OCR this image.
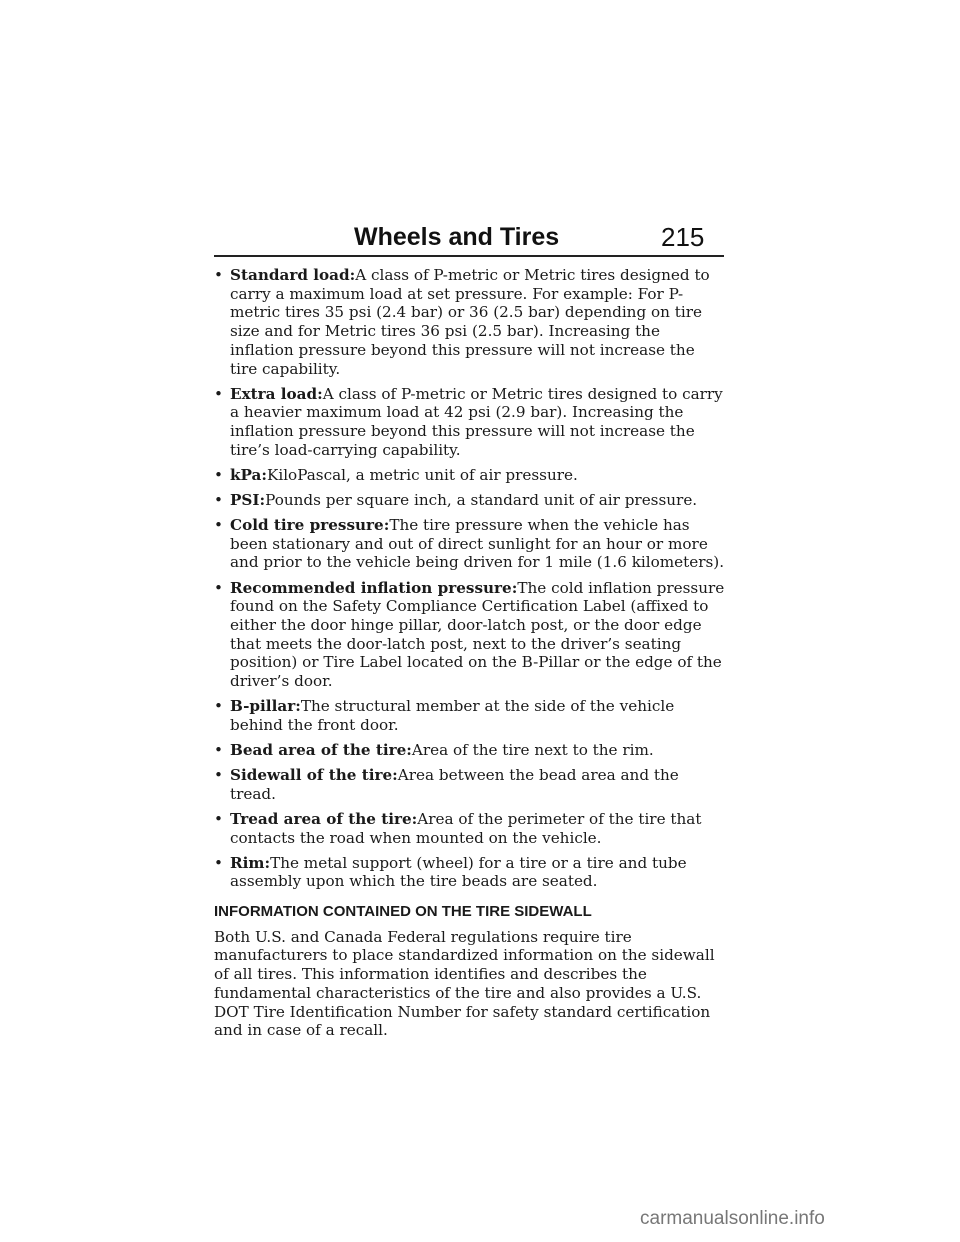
Wheels and Tires	215
• Standard load:A class of P-metric or Metric tires designed to carry a maximum load at set pressure. For example: For P-metric tires 35 psi (2.4 bar) or 36 (2.5 bar) depending on tire size and for Metric tires 36 psi (2.5 bar). Increasing the inflation pressure beyond this pressure will not increase the tire capability.
• Extra load:A class of P-metric or Metric tires designed to carry a heavier maximum load at 42 psi (2.9 bar). Increasing the inflation pressure beyond this pressure will not increase the tire’s load-carrying capability.
• kPa:KiloPascal, a metric unit of air pressure.
• PSI:Pounds per square inch, a standard unit of air pressure.
• Cold tire pressure:The tire pressure when the vehicle has been stationary and out of direct sunlight for an hour or more and prior to the vehicle being driven for 1 mile (1.6 kilometers).
• Recommended inflation pressure:The cold inflation pressure found on the Safety Compliance Certification Label (affixed to either the door hinge pillar, door-latch post, or the door edge that meets the door-latch post, next to the driver’s seating position) or Tire Label located on the B-Pillar or the edge of the driver’s door.
• B-pillar:The structural member at the side of the vehicle behind the front door.
• Bead area of the tire:Area of the tire next to the rim.
• Sidewall of the tire:Area between the bead area and the tread.
• Tread area of the tire:Area of the perimeter of the tire that contacts the road when mounted on the vehicle.
• Rim:The metal support (wheel) for a tire or a tire and tube assembly upon which the tire beads are seated.
INFORMATION CONTAINED ON THE TIRE SIDEWALL

Both U.S. and Canada Federal regulations require tire manufacturers to place standardized information on the sidewall of all tires. This information identifies and describes the fundamental characteristics of the tire and also provides a U.S. DOT Tire Identification Number for safety standard certification and in case of a recall.

carmanualsonline.info
